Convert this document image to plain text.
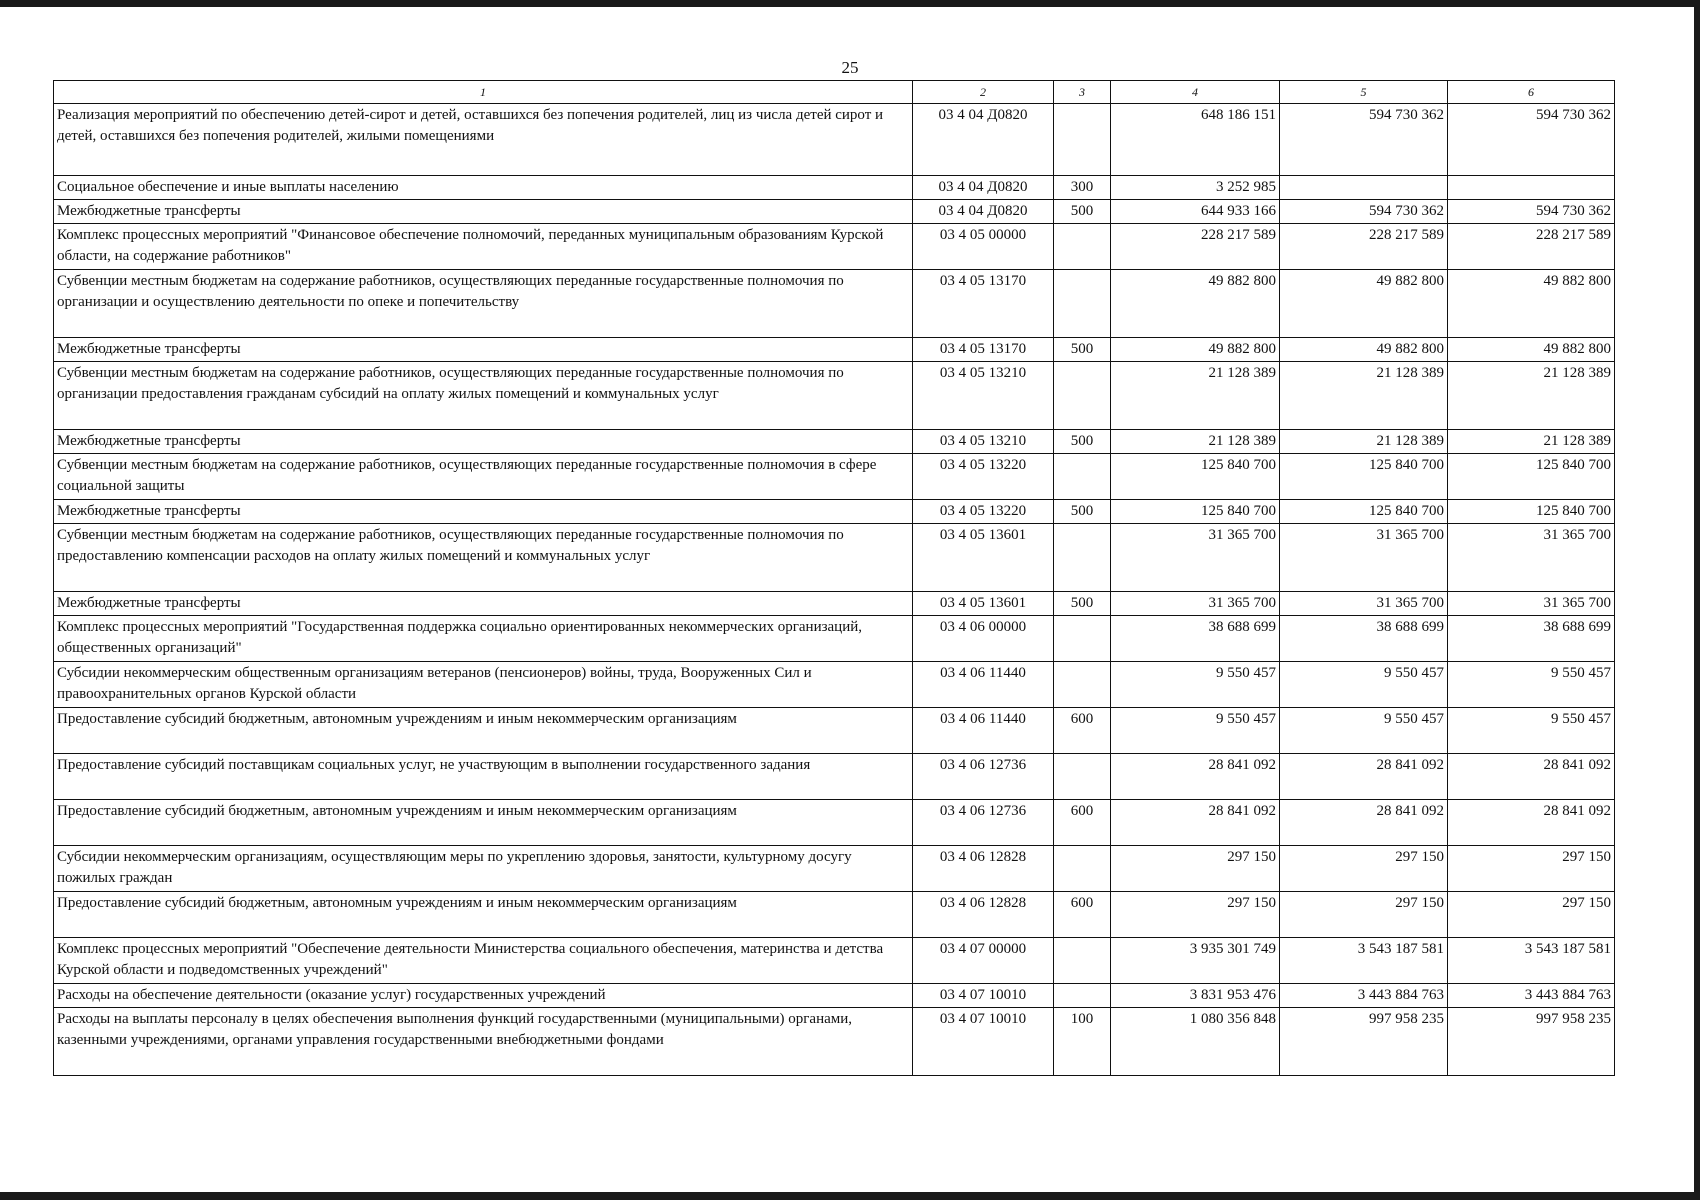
25
1	2	3	4	5	6
Реализация мероприятий по обеспечению детей-сирот и детей, оставшихся без попечения родителей, лиц из числа детей сирот и детей, оставшихся без попечения родителей, жилыми помещениями	03 4 04 Д0820		648 186 151	594 730 362	594 730 362
Социальное обеспечение и иные выплаты населению	03 4 04 Д0820	300	3 252 985		
Межбюджетные трансферты	03 4 04 Д0820	500	644 933 166	594 730 362	594 730 362
Комплекс процессных мероприятий "Финансовое обеспечение полномочий, переданных муниципальным образованиям Курской области, на содержание работников"	03 4 05 00000		228 217 589	228 217 589	228 217 589
Субвенции местным бюджетам на содержание работников, осуществляющих переданные государственные полномочия по организации и осуществлению деятельности по опеке и попечительству	03 4 05 13170		49 882 800	49 882 800	49 882 800
Межбюджетные трансферты	03 4 05 13170	500	49 882 800	49 882 800	49 882 800
Субвенции местным бюджетам на содержание работников, осуществляющих переданные государственные полномочия по организации предоставления гражданам субсидий на оплату жилых помещений и коммунальных услуг	03 4 05 13210		21 128 389	21 128 389	21 128 389
Межбюджетные трансферты	03 4 05 13210	500	21 128 389	21 128 389	21 128 389
Субвенции местным бюджетам на содержание работников, осуществляющих переданные государственные полномочия в сфере социальной защиты	03 4 05 13220		125 840 700	125 840 700	125 840 700
Межбюджетные трансферты	03 4 05 13220	500	125 840 700	125 840 700	125 840 700
Субвенции местным бюджетам на содержание работников, осуществляющих переданные государственные полномочия по предоставлению компенсации расходов на оплату жилых помещений и коммунальных услуг	03 4 05 13601		31 365 700	31 365 700	31 365 700
Межбюджетные трансферты	03 4 05 13601	500	31 365 700	31 365 700	31 365 700
Комплекс процессных мероприятий "Государственная поддержка социально ориентированных некоммерческих организаций, общественных организаций"	03 4 06 00000		38 688 699	38 688 699	38 688 699
Субсидии некоммерческим общественным организациям ветеранов (пенсионеров) войны, труда, Вооруженных Сил и правоохранительных органов Курской области	03 4 06 11440		9 550 457	9 550 457	9 550 457
Предоставление субсидий бюджетным, автономным учреждениям и иным некоммерческим организациям	03 4 06 11440	600	9 550 457	9 550 457	9 550 457
Предоставление субсидий поставщикам социальных услуг, не участвующим в выполнении государственного задания	03 4 06 12736		28 841 092	28 841 092	28 841 092
Предоставление субсидий бюджетным, автономным учреждениям и иным некоммерческим организациям	03 4 06 12736	600	28 841 092	28 841 092	28 841 092
Субсидии некоммерческим организациям, осуществляющим меры по укреплению здоровья, занятости, культурному досугу пожилых граждан	03 4 06 12828		297 150	297 150	297 150
Предоставление субсидий бюджетным, автономным учреждениям и иным некоммерческим организациям	03 4 06 12828	600	297 150	297 150	297 150
Комплекс процессных мероприятий "Обеспечение деятельности Министерства социального обеспечения, материнства и детства Курской области и подведомственных учреждений"	03 4 07 00000		3 935 301 749	3 543 187 581	3 543 187 581
Расходы на обеспечение деятельности (оказание услуг) государственных учреждений	03 4 07 10010		3 831 953 476	3 443 884 763	3 443 884 763
Расходы на выплаты персоналу в целях обеспечения выполнения функций государственными (муниципальными) органами, казенными учреждениями, органами управления государственными внебюджетными фондами	03 4 07 10010	100	1 080 356 848	997 958 235	997 958 235
